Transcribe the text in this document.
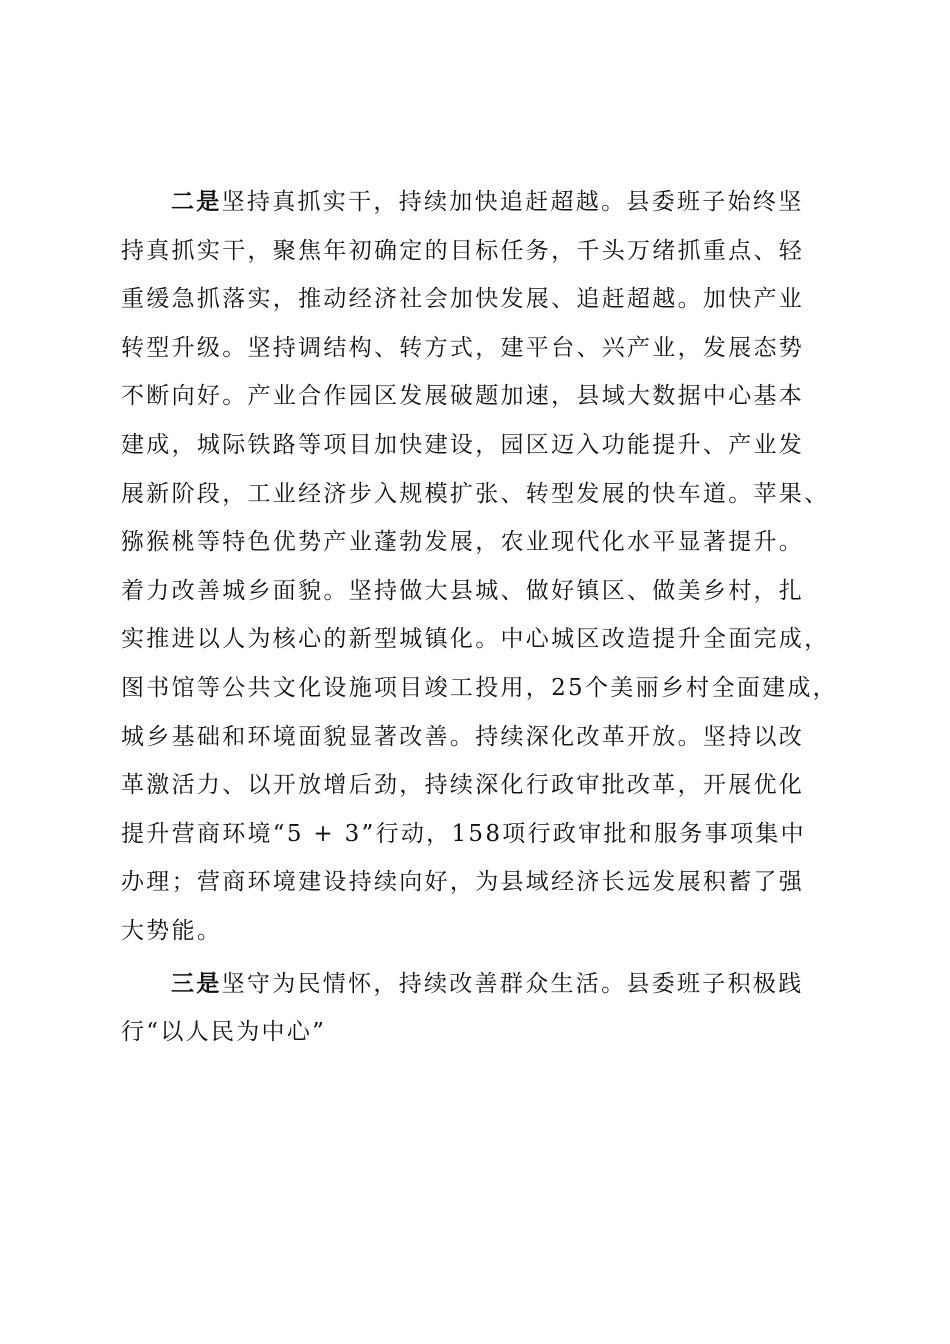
二是坚持真抓实干，持续加快追赶超越。县委班子始终坚
持真抓实干，聚焦年初确定的目标任务，千头万绪抓重点、轻
重缓急抓落实，推动经济社会加快发展、追赶超越。加快产业
转型升级。坚持调结构、转方式，建平台、兴产业，发展态势
不断向好。产业合作园区发展破题加速，县域大数据中心基本
建成，城际铁路等项目加快建设，园区迈入功能提升、产业发
展新阶段，工业经济步入规模扩张、转型发展的快车道。苹果、
猕猴桃等特色优势产业蓬勃发展，农业现代化水平显著提升。
着力改善城乡面貌。坚持做大县城、做好镇区、做美乡村，扎
实推进以人为核心的新型城镇化。中心城区改造提升全面完成，
图书馆等公共文化设施项目竣工投用，25个美丽乡村全面建成，
城乡基础和环境面貌显著改善。持续深化改革开放。坚持以改
革激活力、以开放增后劲，持续深化行政审批改革，开展优化
提升营商环境“5 + 3”行动，158项行政审批和服务事项集中
办理；营商环境建设持续向好，为县域经济长远发展积蓄了强
大势能。
三是坚守为民情怀，持续改善群众生活。县委班子积极践
行“以人民为中心”
